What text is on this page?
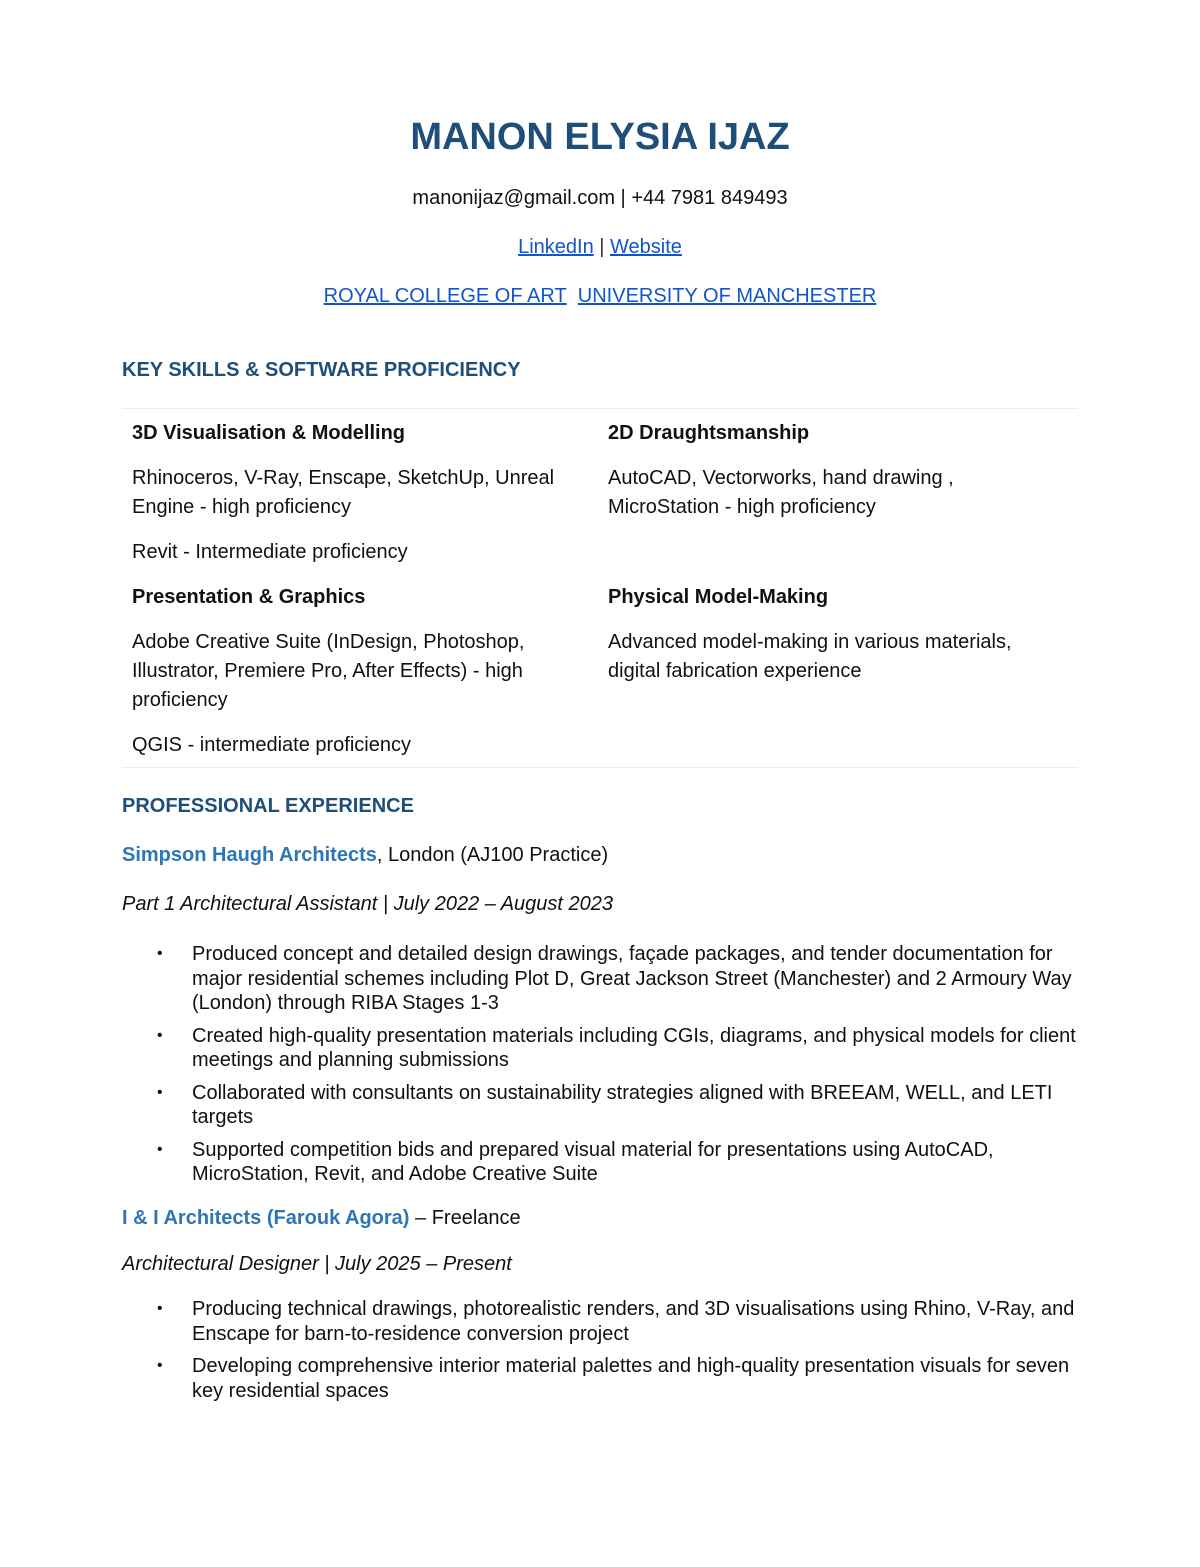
MANON ELYSIA IJAZ
manonijaz@gmail.com | +44 7981 849493
LinkedIn | Website
ROYAL COLLEGE OF ART UNIVERSITY OF MANCHESTER
KEY SKILLS & SOFTWARE PROFICIENCY
3D Visualisation & Modelling

Rhinoceros, V-Ray, Enscape, SketchUp, Unreal Engine - high proficiency

Revit - Intermediate proficiency

2D Draughtsmanship

AutoCAD, Vectorworks, hand drawing , MicroStation - high proficiency

Presentation & Graphics

Adobe Creative Suite (InDesign, Photoshop, Illustrator, Premiere Pro, After Effects) - high proficiency

QGIS - intermediate proficiency

Physical Model-Making

Advanced model-making in various materials, digital fabrication experience

PROFESSIONAL EXPERIENCE
Simpson Haugh Architects, London (AJ100 Practice)
Part 1 Architectural Assistant | July 2022 – August 2023
• Produced concept and detailed design drawings, façade packages, and tender documentation for major residential schemes including Plot D, Great Jackson Street (Manchester) and 2 Armoury Way (London) through RIBA Stages 1-3
• Created high-quality presentation materials including CGIs, diagrams, and physical models for client meetings and planning submissions
• Collaborated with consultants on sustainability strategies aligned with BREEAM, WELL, and LETI targets
• Supported competition bids and prepared visual material for presentations using AutoCAD, MicroStation, Revit, and Adobe Creative Suite
I & I Architects (Farouk Agora) – Freelance
Architectural Designer | July 2025 – Present
• Producing technical drawings, photorealistic renders, and 3D visualisations using Rhino, V-Ray, and Enscape for barn-to-residence conversion project
• Developing comprehensive interior material palettes and high-quality presentation visuals for seven key residential spaces
